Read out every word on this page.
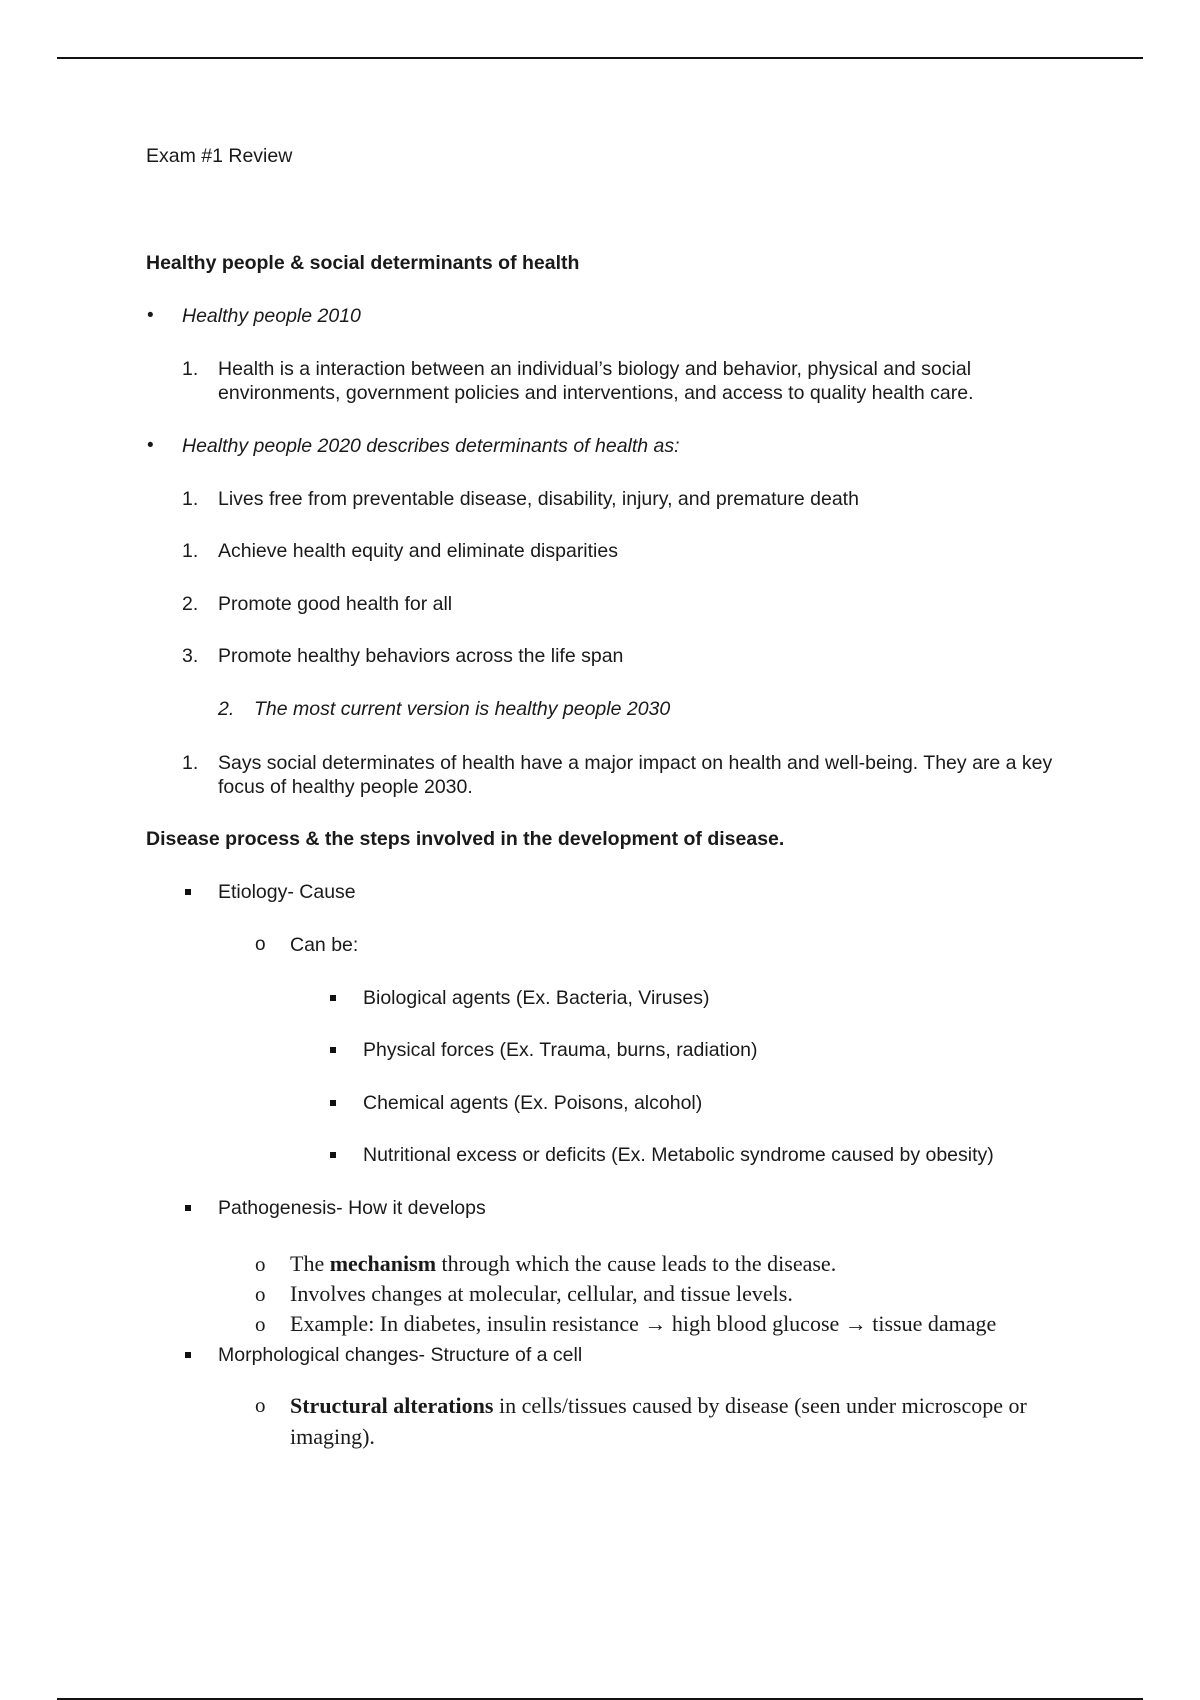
Exam #1 Review
Healthy people & social determinants of health
• Healthy people 2010
1. Health is a interaction between an individual’s biology and behavior, physical and social environments, government policies and interventions, and access to quality health care.
• Healthy people 2020 describes determinants of health as:
1. Lives free from preventable disease, disability, injury, and premature death
1. Achieve health equity and eliminate disparities
2. Promote good health for all
3. Promote healthy behaviors across the life span
2. The most current version is healthy people 2030
1. Says social determinates of health have a major impact on health and well-being. They are a key focus of healthy people 2030.
Disease process & the steps involved in the development of disease.
Etiology- Cause
o Can be:
Biological agents (Ex. Bacteria, Viruses)
Physical forces (Ex. Trauma, burns, radiation)
Chemical agents (Ex. Poisons, alcohol)
Nutritional excess or deficits (Ex. Metabolic syndrome caused by obesity)
Pathogenesis- How it develops
o The mechanism through which the cause leads to the disease.
o Involves changes at molecular, cellular, and tissue levels.
o Example: In diabetes, insulin resistance → high blood glucose → tissue damage
Morphological changes- Structure of a cell
o Structural alterations in cells/tissues caused by disease (seen under microscope or imaging).
